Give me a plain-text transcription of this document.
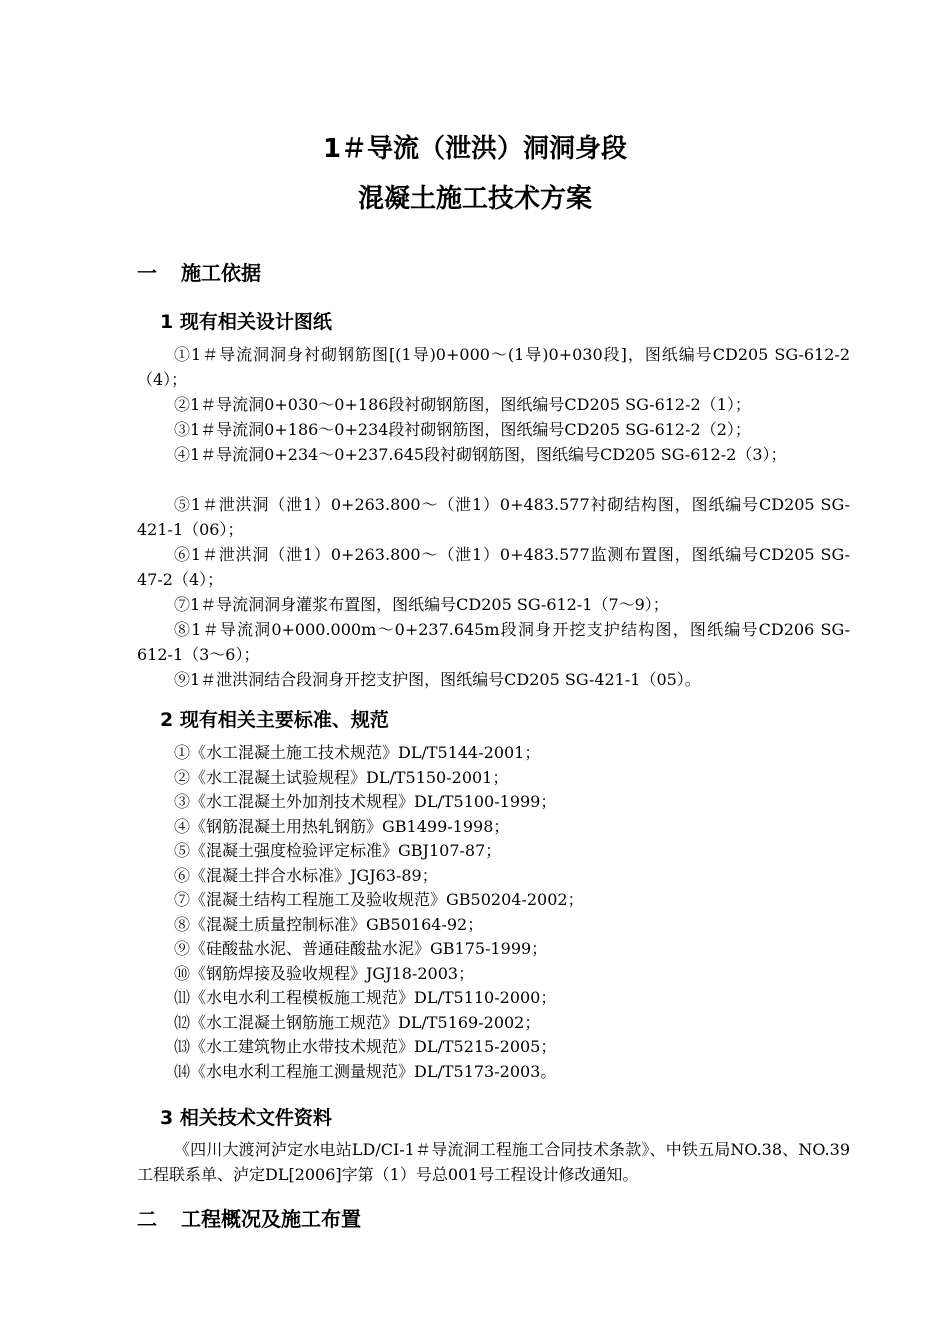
1＃导流（泄洪）洞洞身段
混凝土施工技术方案
一 施工依据
1 现有相关设计图纸
①1＃导流洞洞身衬砌钢筋图[(1导)0+000～(1导)0+030段]，图纸编号CD205 SG-612-2（4）；
②1＃导流洞0+030～0+186段衬砌钢筋图，图纸编号CD205 SG-612-2（1）；
③1＃导流洞0+186～0+234段衬砌钢筋图，图纸编号CD205 SG-612-2（2）；
④1＃导流洞0+234～0+237.645段衬砌钢筋图，图纸编号CD205 SG-612-2（3）；
⑤1＃泄洪洞（泄1）0+263.800～（泄1）0+483.577衬砌结构图，图纸编号CD205 SG-421-1（06）；
⑥1＃泄洪洞（泄1）0+263.800～（泄1）0+483.577监测布置图，图纸编号CD205 SG-47-2（4）；
⑦1＃导流洞洞身灌浆布置图，图纸编号CD205 SG-612-1（7～9）；
⑧1＃导流洞0+000.000m～0+237.645m段洞身开挖支护结构图，图纸编号CD206 SG-612-1（3～6）；
⑨1＃泄洪洞结合段洞身开挖支护图，图纸编号CD205 SG-421-1（05）。
2 现有相关主要标准、规范
①《水工混凝土施工技术规范》DL/T5144-2001；
②《水工混凝土试验规程》DL/T5150-2001；
③《水工混凝土外加剂技术规程》DL/T5100-1999；
④《钢筋混凝土用热轧钢筋》GB1499-1998；
⑤《混凝土强度检验评定标准》GBJ107-87；
⑥《混凝土拌合水标准》JGJ63-89；
⑦《混凝土结构工程施工及验收规范》GB50204-2002；
⑧《混凝土质量控制标准》GB50164-92；
⑨《硅酸盐水泥、普通硅酸盐水泥》GB175-1999；
⑩《钢筋焊接及验收规程》JGJ18-2003；
⑾《水电水利工程模板施工规范》DL/T5110-2000；
⑿《水工混凝土钢筋施工规范》DL/T5169-2002；
⒀《水工建筑物止水带技术规范》DL/T5215-2005；
⒁《水电水利工程施工测量规范》DL/T5173-2003。
3 相关技术文件资料
《四川大渡河泸定水电站LD/CI-1＃导流洞工程施工合同技术条款》、中铁五局NO.38、NO.39工程联系单、泸定DL[2006]字第（1）号总001号工程设计修改通知。
二 工程概况及施工布置
